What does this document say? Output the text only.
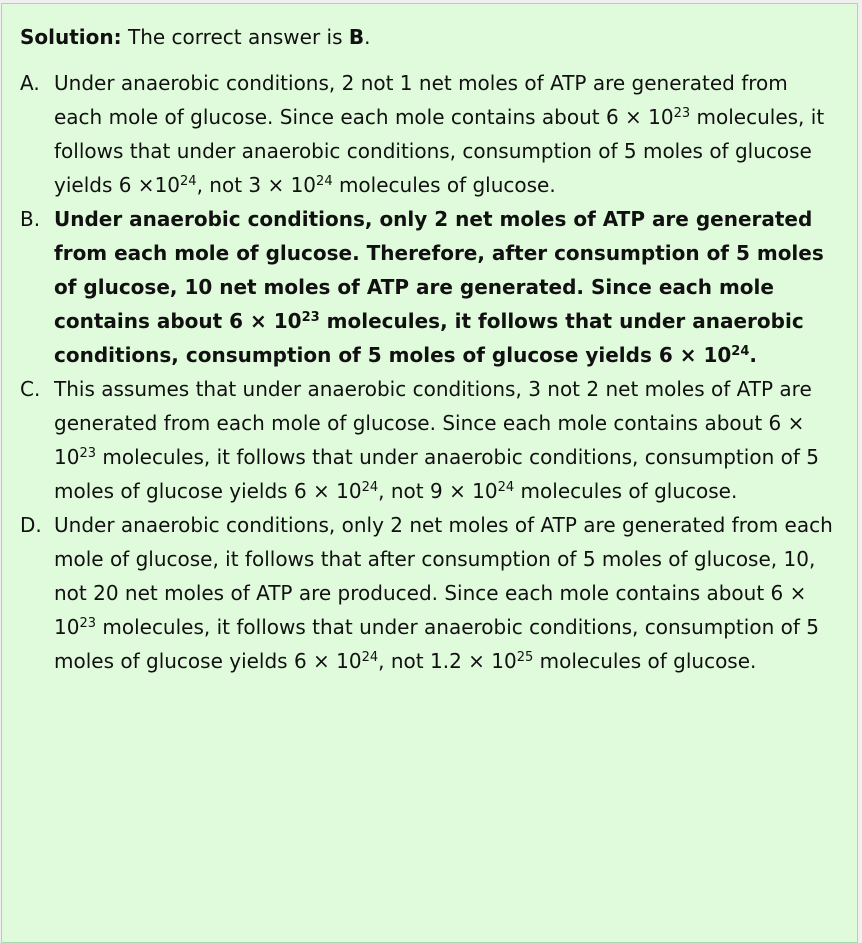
Solution: The correct answer is B.

A. Under anaerobic conditions, 2 not 1 net moles of ATP are generated from each mole of glucose. Since each mole contains about $6 \times 10^{23}$ molecules, it follows that under anaerobic conditions, consumption of 5 moles of glucose yields $6 \times 10^{24}$, not $3 \times 10^{24}$ molecules of glucose.
B. Under anaerobic conditions, only 2 net moles of ATP are generated from each mole of glucose. Therefore, after consumption of 5 moles of glucose, 10 net moles of ATP are generated. Since each mole contains about $6 \times 10^{23}$ molecules, it follows that under anaerobic conditions, consumption of 5 moles of glucose yields $6 \times 10^{24}$.
C. This assumes that under anaerobic conditions, 3 not 2 net moles of ATP are generated from each mole of glucose. Since each mole contains about $6 \times 10^{23}$ molecules, it follows that under anaerobic conditions, consumption of 5 moles of glucose yields $6 \times 10^{24}$, not $9 \times 10^{24}$ molecules of glucose.
D. Under anaerobic conditions, only 2 net moles of ATP are generated from each mole of glucose, it follows that after consumption of 5 moles of glucose, 10, not 20 net moles of ATP are produced. Since each mole contains about $6 \times 10^{23}$ molecules, it follows that under anaerobic conditions, consumption of 5 moles of glucose yields $6 \times 10^{24}$, not $1.2 \times 10^{25}$ molecules of glucose.
